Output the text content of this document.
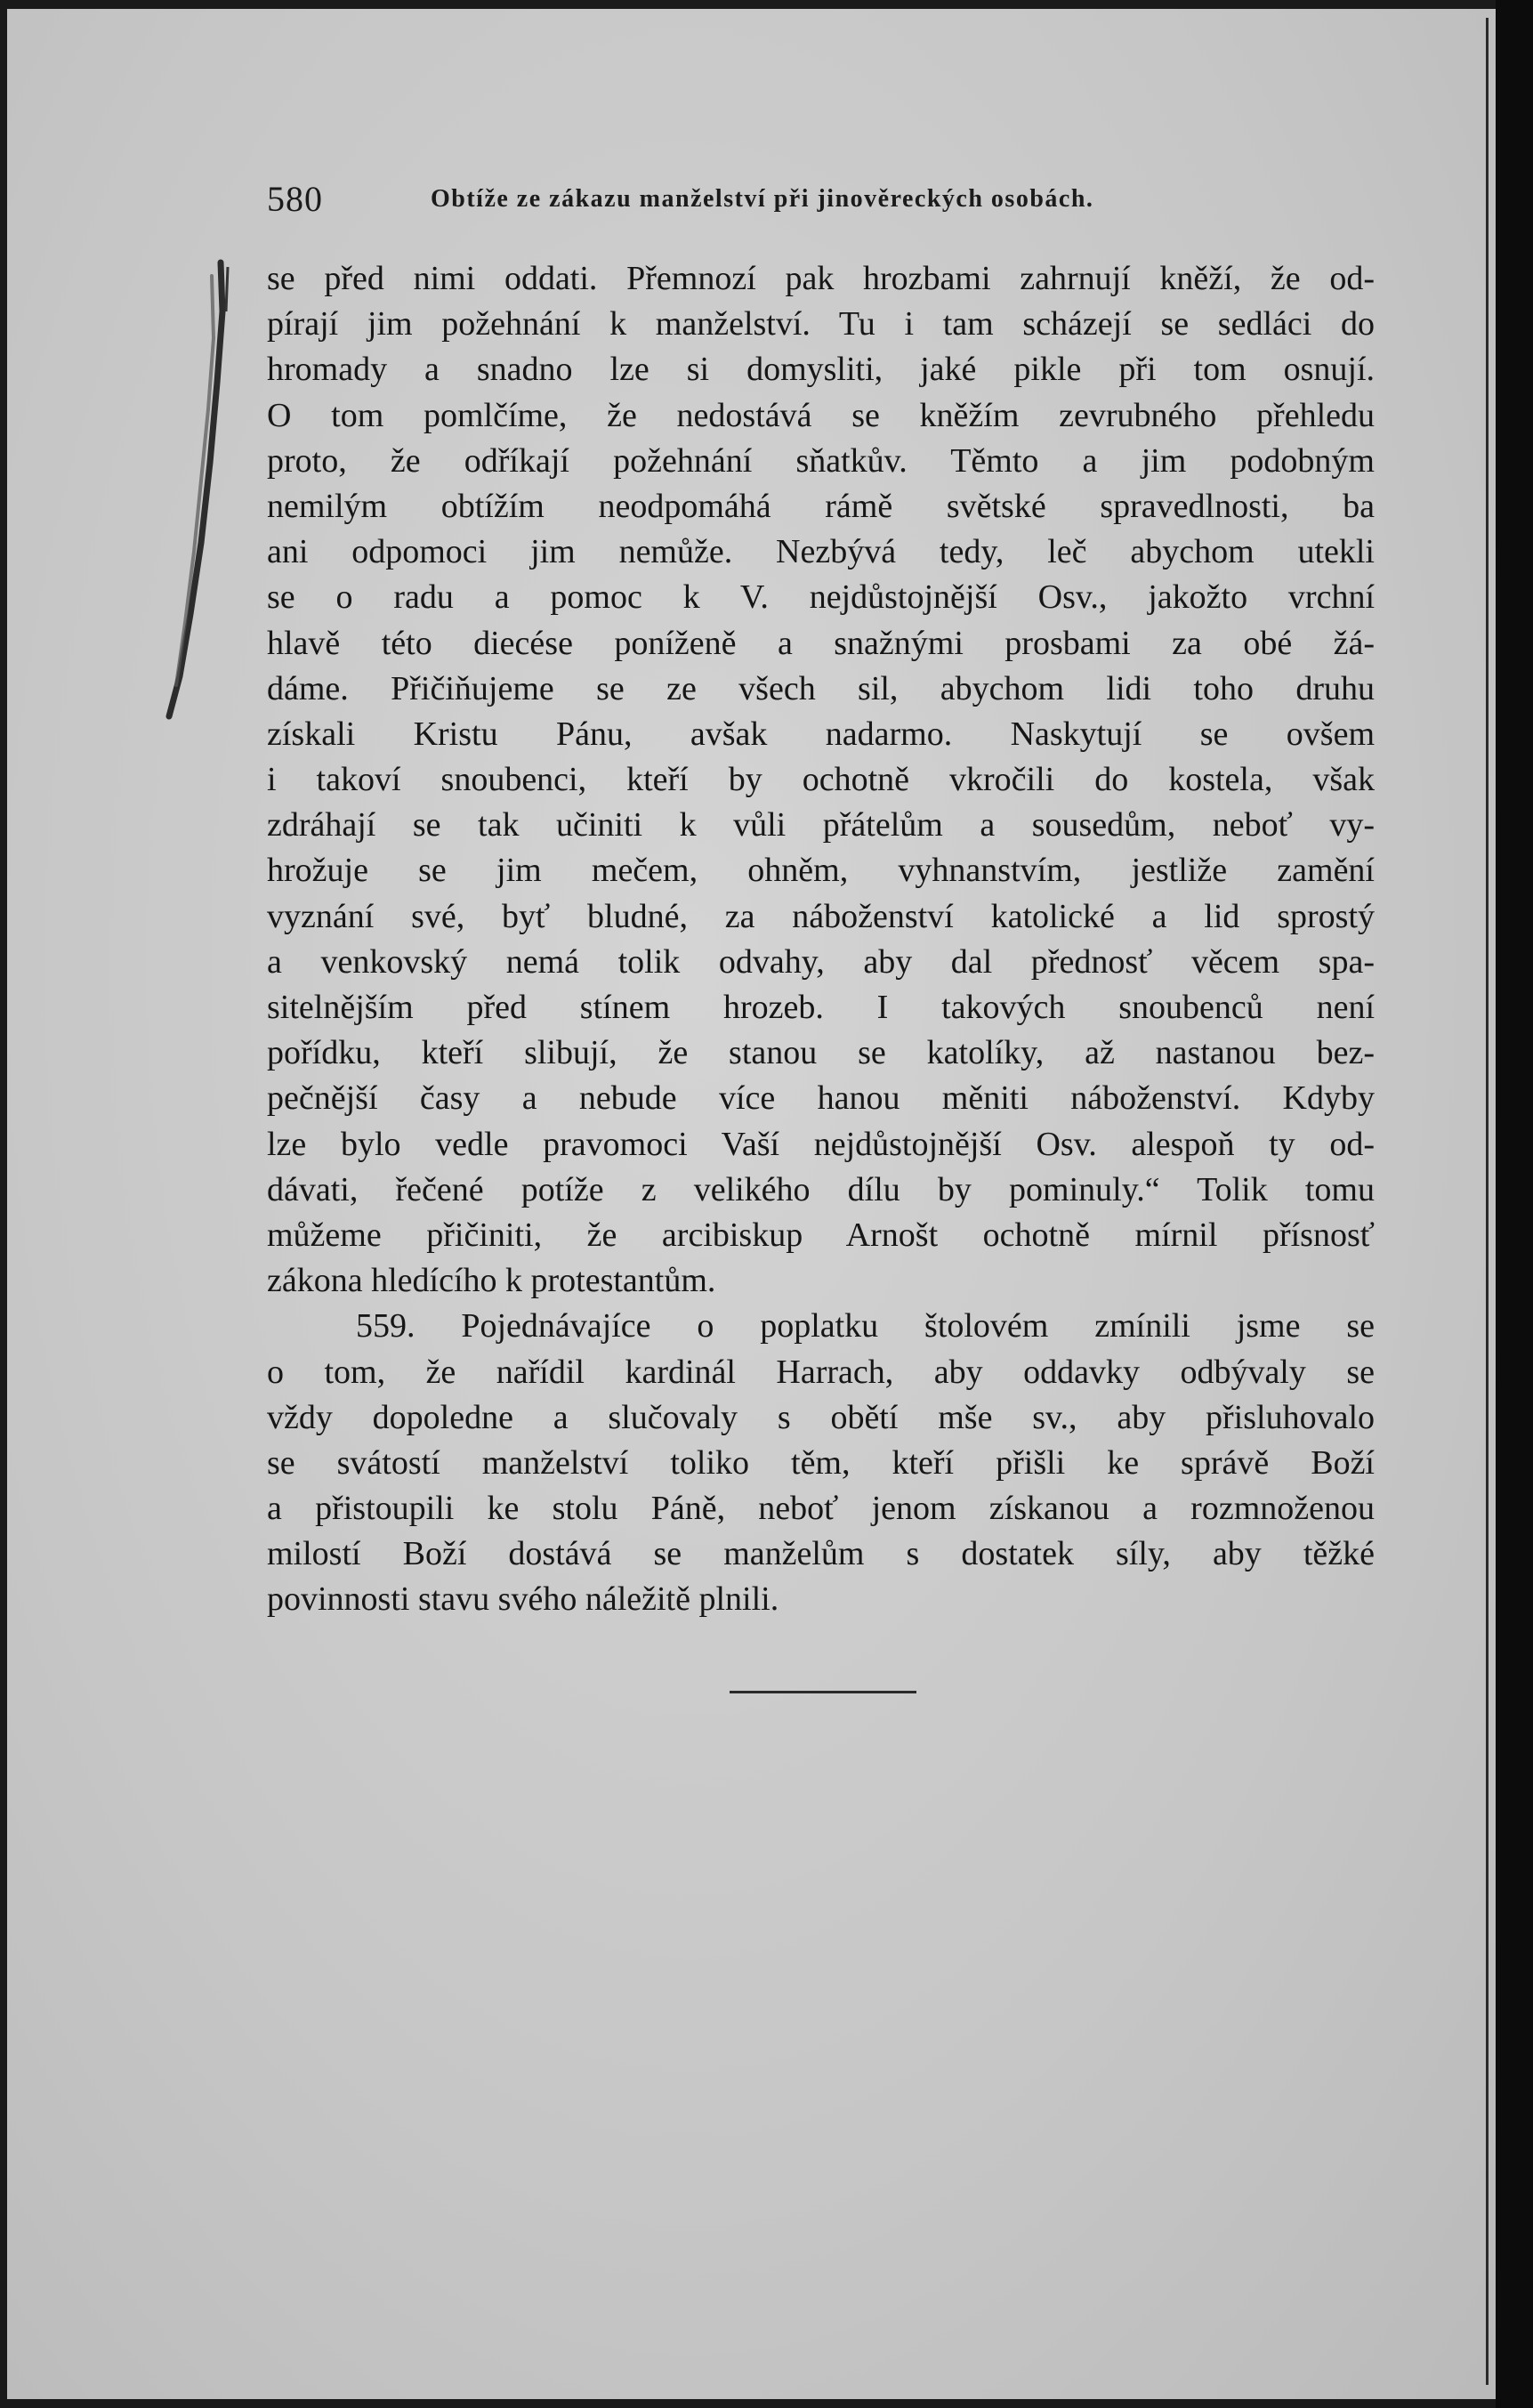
580	Obtíže ze zákazu manželství při jinověreckých osobách.
se před nimi oddati. Přemnozí pak hrozbami zahrnují kněží, že od-
pírají jim požehnání k manželství. Tu i tam scházejí se sedláci do
hromady a snadno lze si domysliti, jaké pikle při tom osnují.
O tom pomlčíme, že nedostává se kněžím zevrubného přehledu
proto, že odříkají požehnání sňatkův. Těmto a jim podobným
nemilým obtížím neodpomáhá rámě světské spravedlnosti, ba
ani odpomoci jim nemůže. Nezbývá tedy, leč abychom utekli
se o radu a pomoc k V. nejdůstojnější Osv., jakožto vrchní
hlavě této diecése poníženě a snažnými prosbami za obé žá-
dáme. Přičiňujeme se ze všech sil, abychom lidi toho druhu
získali Kristu Pánu, avšak nadarmo. Naskytují se ovšem
i takoví snoubenci, kteří by ochotně vkročili do kostela, však
zdráhají se tak učiniti k vůli přátelům a sousedům, neboť vy-
hrožuje se jim mečem, ohněm, vyhnanstvím, jestliže zamění
vyznání své, byť bludné, za náboženství katolické a lid sprostý
a venkovský nemá tolik odvahy, aby dal přednosť věcem spa-
sitelnějším před stínem hrozeb. I takových snoubenců není
pořídku, kteří slibují, že stanou se katolíky, až nastanou bez-
pečnější časy a nebude více hanou měniti náboženství. Kdyby
lze bylo vedle pravomoci Vaší nejdůstojnější Osv. alespoň ty od-
dávati, řečené potíže z velikého dílu by pominuly.“ Tolik tomu
můžeme přičiniti, že arcibiskup Arnošt ochotně mírnil přísnosť
zákona hledícího k protestantům.
559. Pojednávajíce o poplatku štolovém zmínili jsme se
o tom, že nařídil kardinál Harrach, aby oddavky odbývaly se
vždy dopoledne a slučovaly s obětí mše sv., aby přisluhovalo
se svátostí manželství toliko těm, kteří přišli ke správě Boží
a přistoupili ke stolu Páně, neboť jenom získanou a rozmnoženou
milostí Boží dostává se manželům s dostatek síly, aby těžké
povinnosti stavu svého náležitě plnili.
